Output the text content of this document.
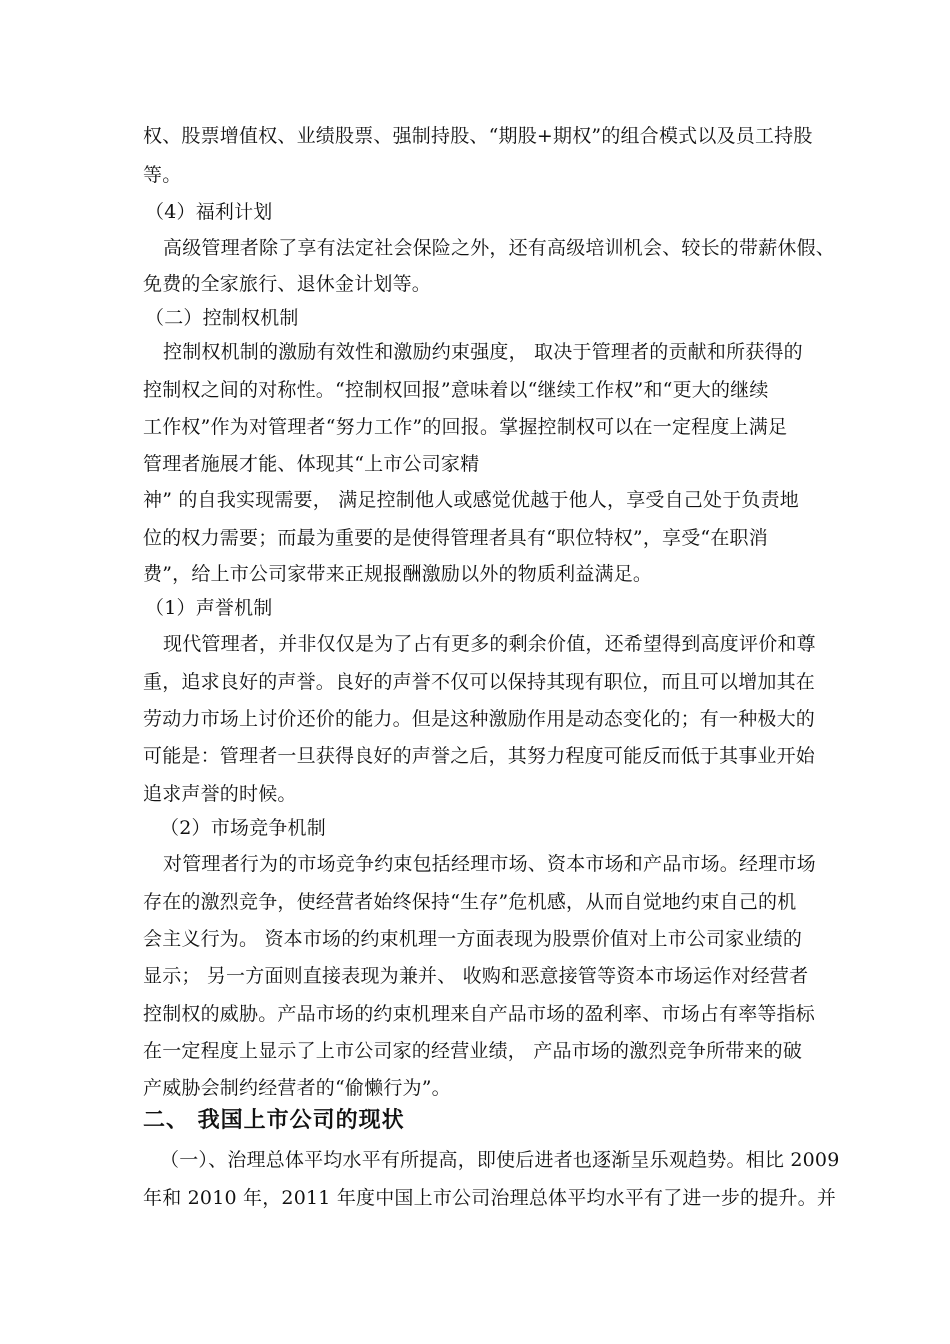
权、股票增值权、业绩股票、强制持股、“期股+期权”的组合模式以及员工持股
等。
（4）福利计划
高级管理者除了享有法定社会保险之外，还有高级培训机会、较长的带薪休假、
免费的全家旅行、退休金计划等。
（二）控制权机制
控制权机制的激励有效性和激励约束强度， 取决于管理者的贡献和所获得的
控制权之间的对称性。“控制权回报”意味着以“继续工作权”和“更大的继续
工作权”作为对管理者“努力工作”的回报。掌握控制权可以在一定程度上满足
管理者施展才能、体现其“上市公司家精
神” 的自我实现需要， 满足控制他人或感觉优越于他人，享受自己处于负责地
位的权力需要；而最为重要的是使得管理者具有“职位特权”，享受“在职消
费”，给上市公司家带来正规报酬激励以外的物质利益满足。
（1）声誉机制
现代管理者，并非仅仅是为了占有更多的剩余价值，还希望得到高度评价和尊
重，追求良好的声誉。良好的声誉不仅可以保持其现有职位，而且可以增加其在
劳动力市场上讨价还价的能力。但是这种激励作用是动态变化的；有一种极大的
可能是：管理者一旦获得良好的声誉之后，其努力程度可能反而低于其事业开始
追求声誉的时候。
（2）市场竞争机制
对管理者行为的市场竞争约束包括经理市场、资本市场和产品市场。经理市场
存在的激烈竞争，使经营者始终保持“生存”危机感，从而自觉地约束自己的机
会主义行为。 资本市场的约束机理一方面表现为股票价值对上市公司家业绩的
显示； 另一方面则直接表现为兼并、 收购和恶意接管等资本市场运作对经营者
控制权的威胁。产品市场的约束机理来自产品市场的盈利率、市场占有率等指标
在一定程度上显示了上市公司家的经营业绩， 产品市场的激烈竞争所带来的破
产威胁会制约经营者的“偷懒行为”。
二、 我国上市公司的现状
（一）、治理总体平均水平有所提高，即使后进者也逐渐呈乐观趋势。相比 2009
年和 2010 年，2011 年度中国上市公司治理总体平均水平有了进一步的提升。并
